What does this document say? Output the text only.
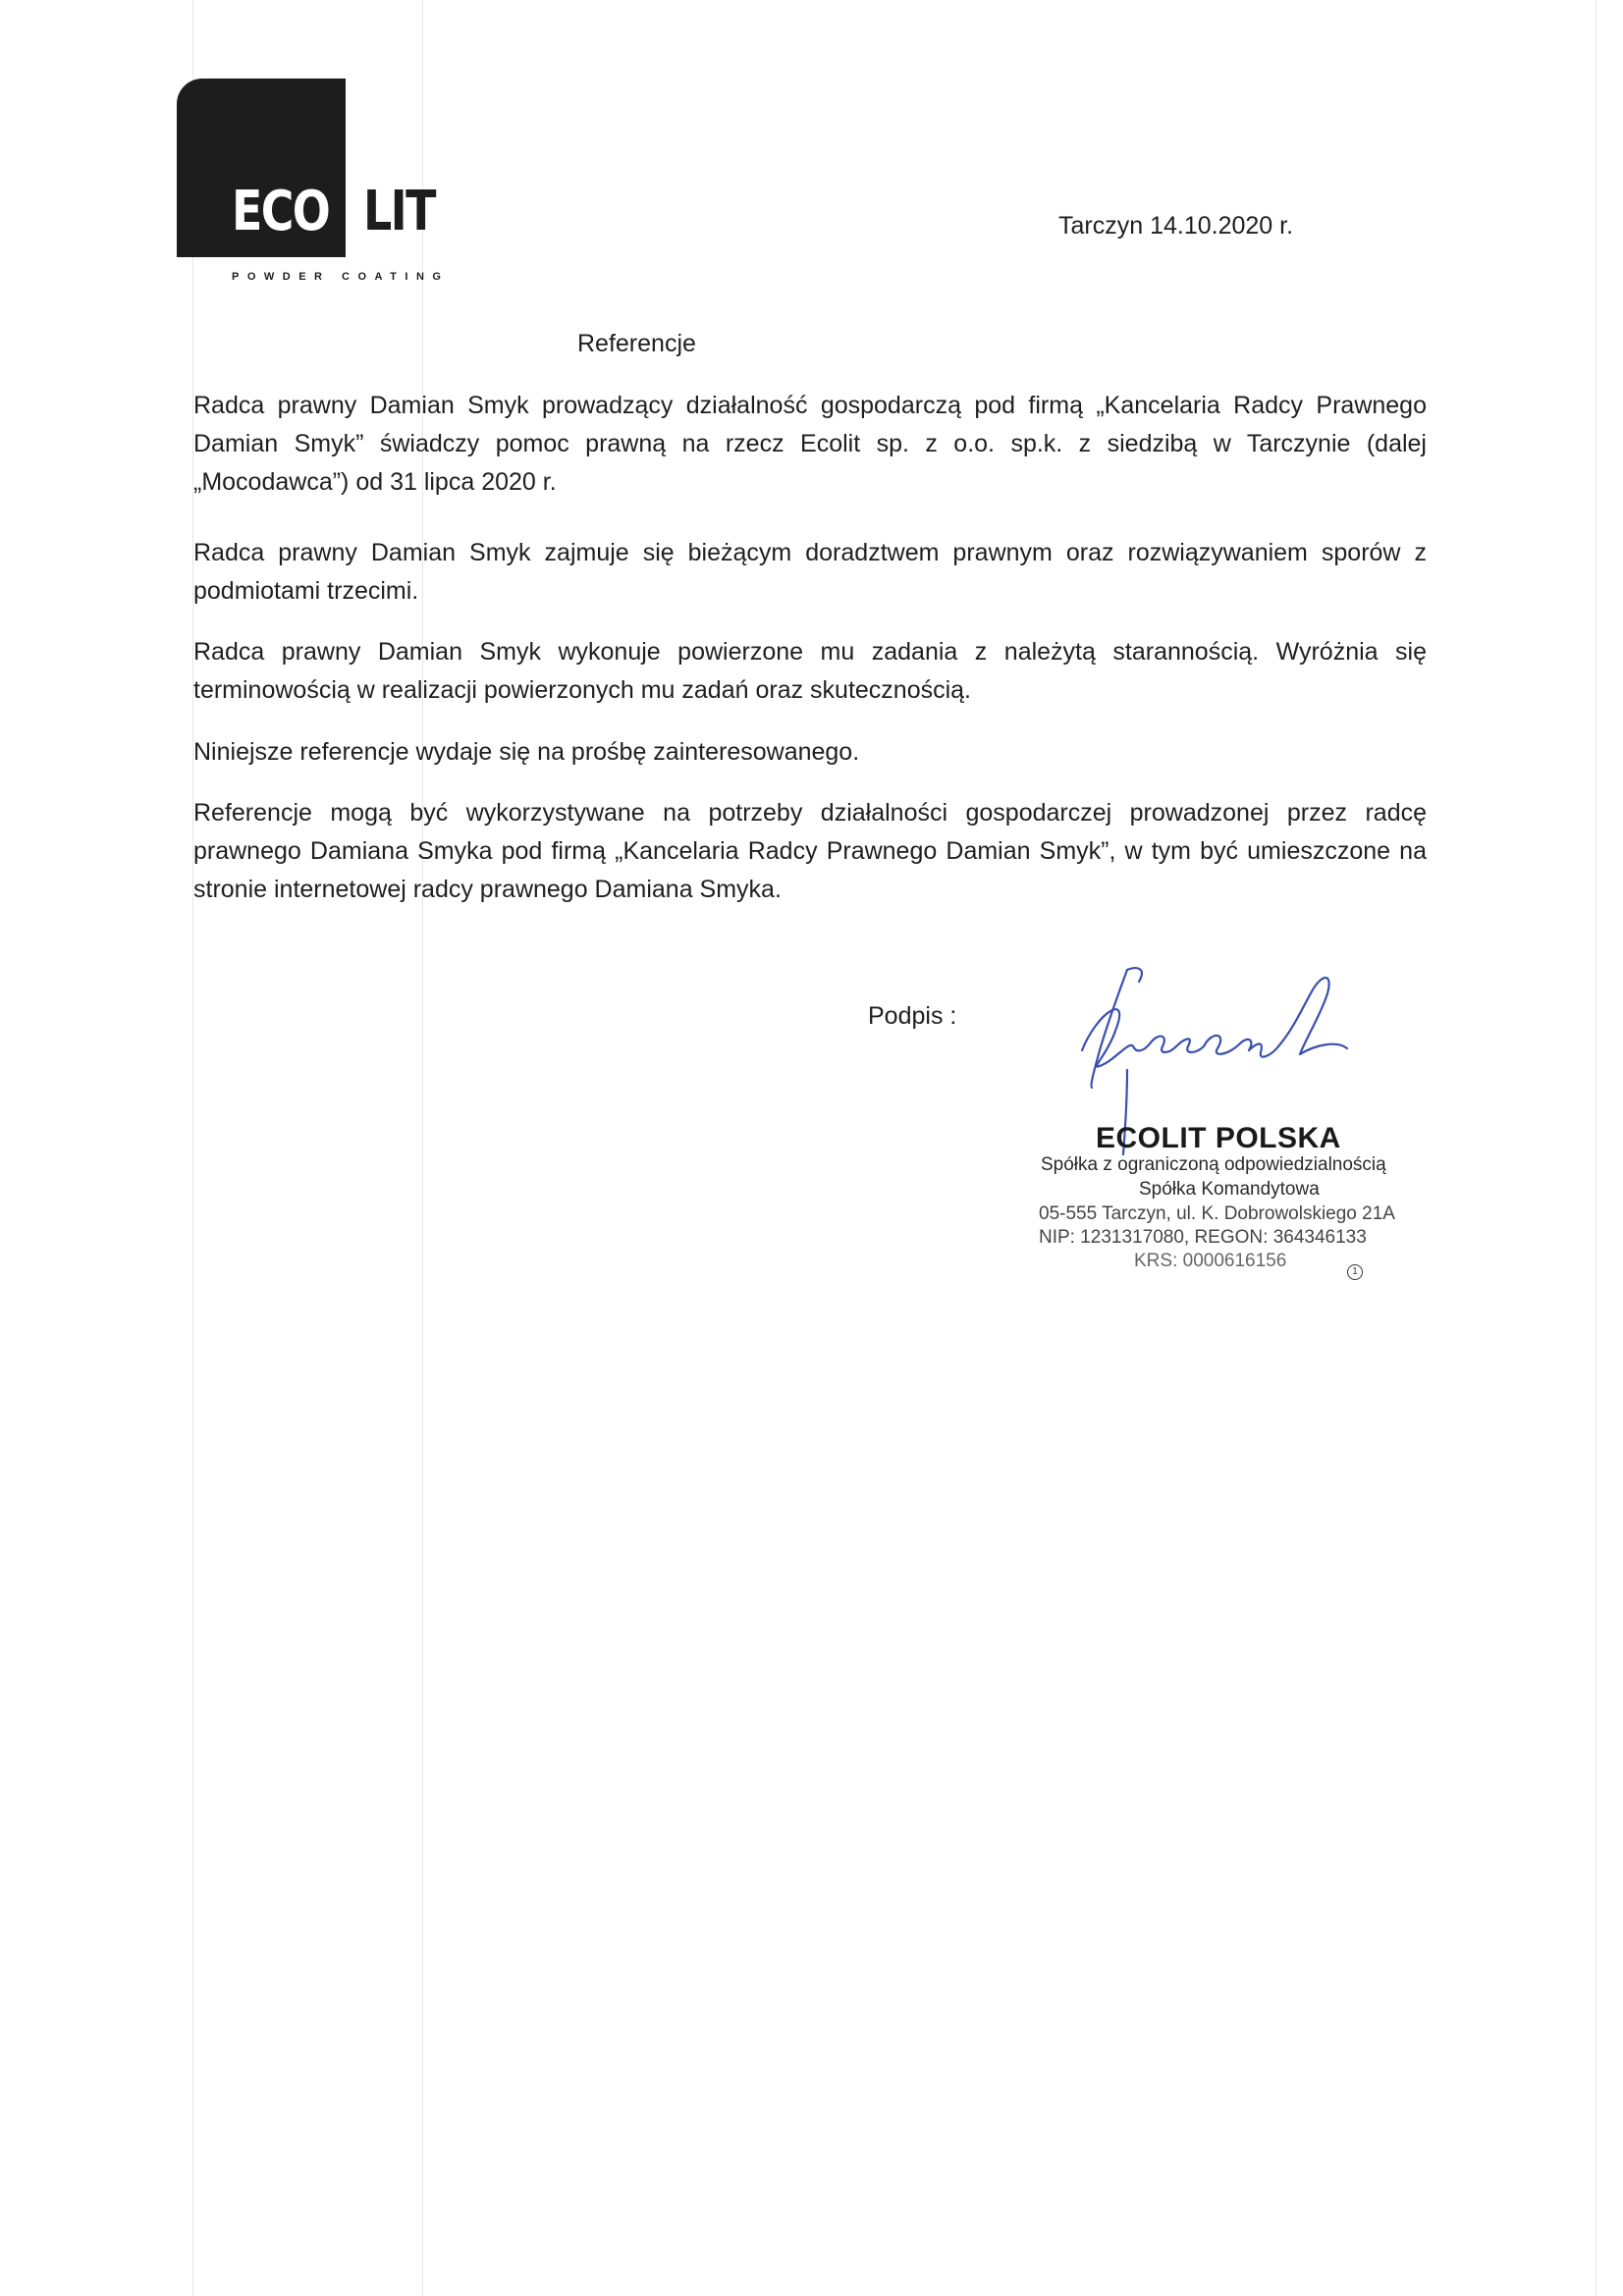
ECO LIT
POWDER COATING
Tarczyn 14.10.2020 r.
Referencje
Radca prawny Damian Smyk prowadzący działalność gospodarczą pod firmą „Kancelaria Radcy Prawnego Damian Smyk” świadczy pomoc prawną na rzecz Ecolit sp. z o.o. sp.k. z siedzibą w Tarczynie (dalej „Mocodawca”) od 31 lipca 2020 r.
Radca prawny Damian Smyk zajmuje się bieżącym doradztwem prawnym oraz rozwiązywaniem sporów z podmiotami trzecimi.
Radca prawny Damian Smyk wykonuje powierzone mu zadania z należytą starannością. Wyróżnia się terminowością w realizacji powierzonych mu zadań oraz skutecznością.
Niniejsze referencje wydaje się na prośbę zainteresowanego.
Referencje mogą być wykorzystywane na potrzeby działalności gospodarczej prowadzonej przez radcę prawnego Damiana Smyka pod firmą „Kancelaria Radcy Prawnego Damian Smyk”, w tym być umieszczone na stronie internetowej radcy prawnego Damiana Smyka.
Podpis :
ECOLIT POLSKA
Spółka z ograniczoną odpowiedzialnością
Spółka Komandytowa
05-555 Tarczyn, ul. K. Dobrowolskiego 21A
NIP: 1231317080, REGON: 364346133
KRS: 0000616156
1
